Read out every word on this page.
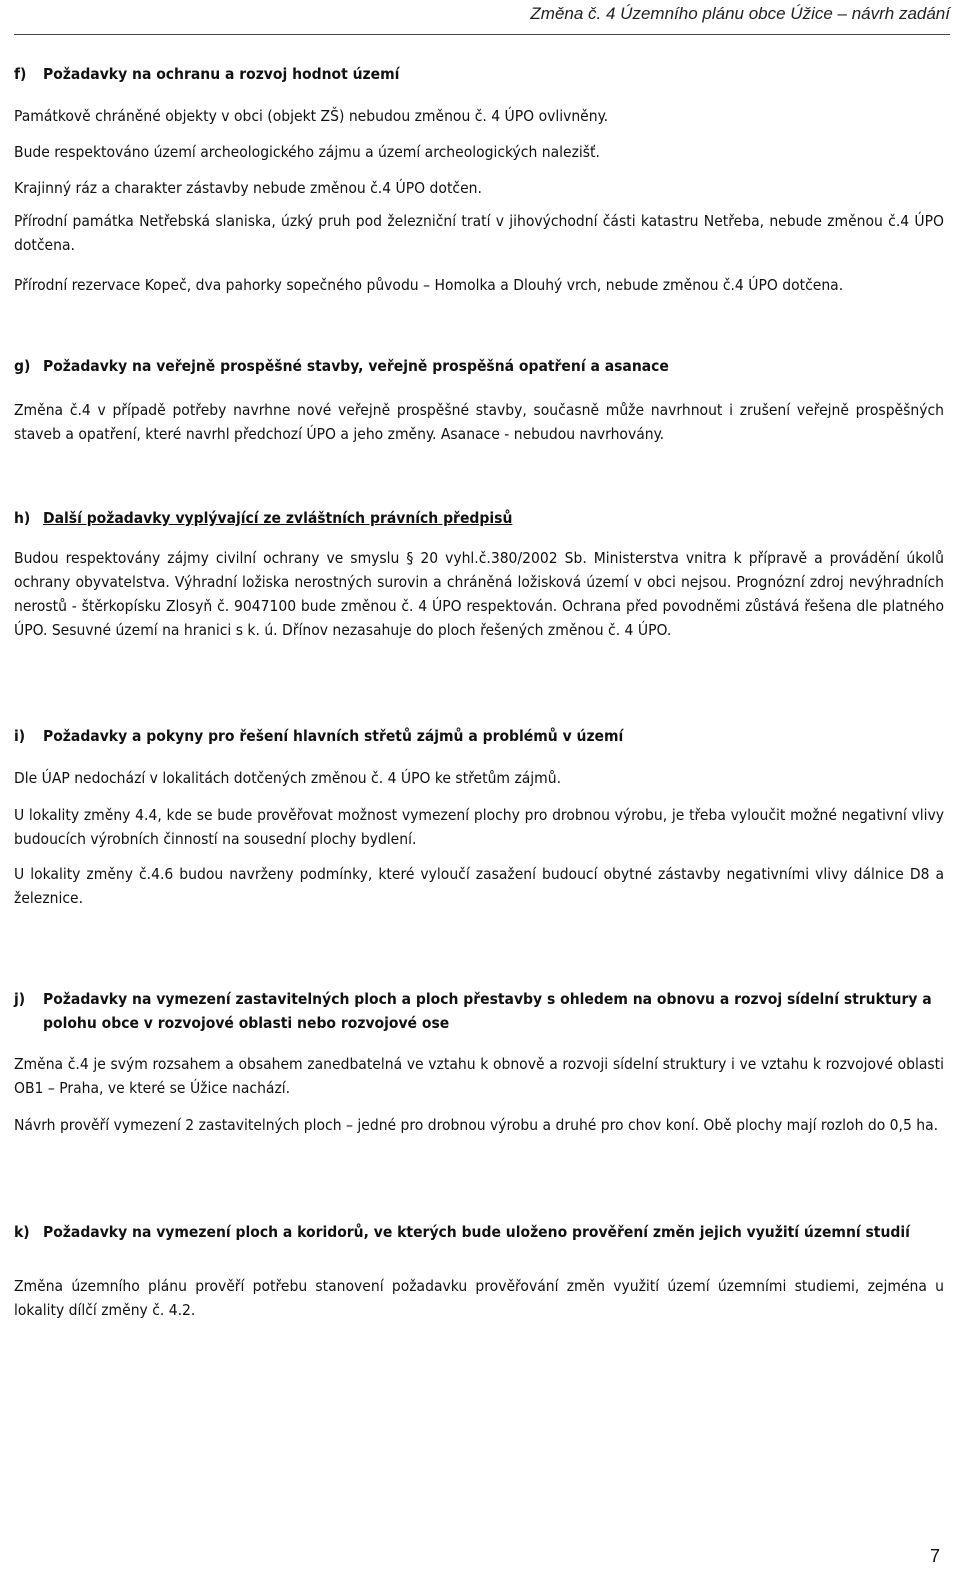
Změna č. 4 Územního plánu obce Úžice – návrh zadání
f)	Požadavky na ochranu a rozvoj hodnot území

Památkově chráněné objekty v obci (objekt ZŠ) nebudou změnou č. 4 ÚPO ovlivněny.

Bude respektováno území archeologického zájmu a území archeologických nalezišť.

Krajinný ráz a charakter zástavby nebude změnou č.4 ÚPO dotčen.

Přírodní památka Netřebská slaniska, úzký pruh pod železniční tratí v jihovýchodní části katastru Netřeba, nebude změnou č.4 ÚPO dotčena.

Přírodní rezervace Kopeč, dva pahorky sopečného původu – Homolka a Dlouhý vrch, nebude změnou č.4 ÚPO dotčena.

g) Požadavky na veřejně prospěšné stavby, veřejně prospěšná opatření a asanace

Změna č.4 v případě potřeby navrhne nové veřejně prospěšné stavby, současně může navrhnout i zrušení veřejně prospěšných staveb a opatření, které navrhl předchozí ÚPO a jeho změny. Asanace - nebudou navrhovány.

h) Další požadavky vyplývající ze zvláštních právních předpisů

Budou respektovány zájmy civilní ochrany ve smyslu § 20 vyhl.č.380/2002 Sb. Ministerstva vnitra k přípravě a provádění úkolů ochrany obyvatelstva. Výhradní ložiska nerostných surovin a chráněná ložisková území v obci nejsou. Prognózní zdroj nevýhradních nerostů - štěrkopísku Zlosyň č. 9047100 bude změnou č. 4 ÚPO respektován. Ochrana před povodněmi zůstává řešena dle platného ÚPO. Sesuvné území na hranici s k. ú. Dřínov nezasahuje do ploch řešených změnou č. 4 ÚPO.

i)	Požadavky a pokyny pro řešení hlavních střetů zájmů a problémů v území

Dle ÚAP nedochází v lokalitách dotčených změnou č. 4 ÚPO ke střetům zájmů.

U lokality změny 4.4, kde se bude prověřovat možnost vymezení plochy pro drobnou výrobu, je třeba vyloučit možné negativní vlivy budoucích výrobních činností na sousední plochy bydlení.

U lokality změny č.4.6 budou navrženy podmínky, které vyloučí zasažení budoucí obytné zástavby negativními vlivy dálnice D8 a železnice.

j)	Požadavky na vymezení zastavitelných ploch a ploch přestavby s ohledem na obnovu a rozvoj sídelní struktury a polohu obce v rozvojové oblasti nebo rozvojové ose

Změna č.4 je svým rozsahem a obsahem zanedbatelná ve vztahu k obnově a rozvoji sídelní struktury i ve vztahu k rozvojové oblasti OB1 – Praha, ve které se Úžice nachází.

Návrh prověří vymezení 2 zastavitelných ploch – jedné pro drobnou výrobu a druhé pro chov koní. Obě plochy mají rozloh do 0,5 ha.

k) Požadavky na vymezení ploch a koridorů, ve kterých bude uloženo prověření změn jejich využití územní studií

Změna územního plánu prověří potřebu stanovení požadavku prověřování změn využití území územními studiemi, zejména u lokality dílčí změny č. 4.2.

7
